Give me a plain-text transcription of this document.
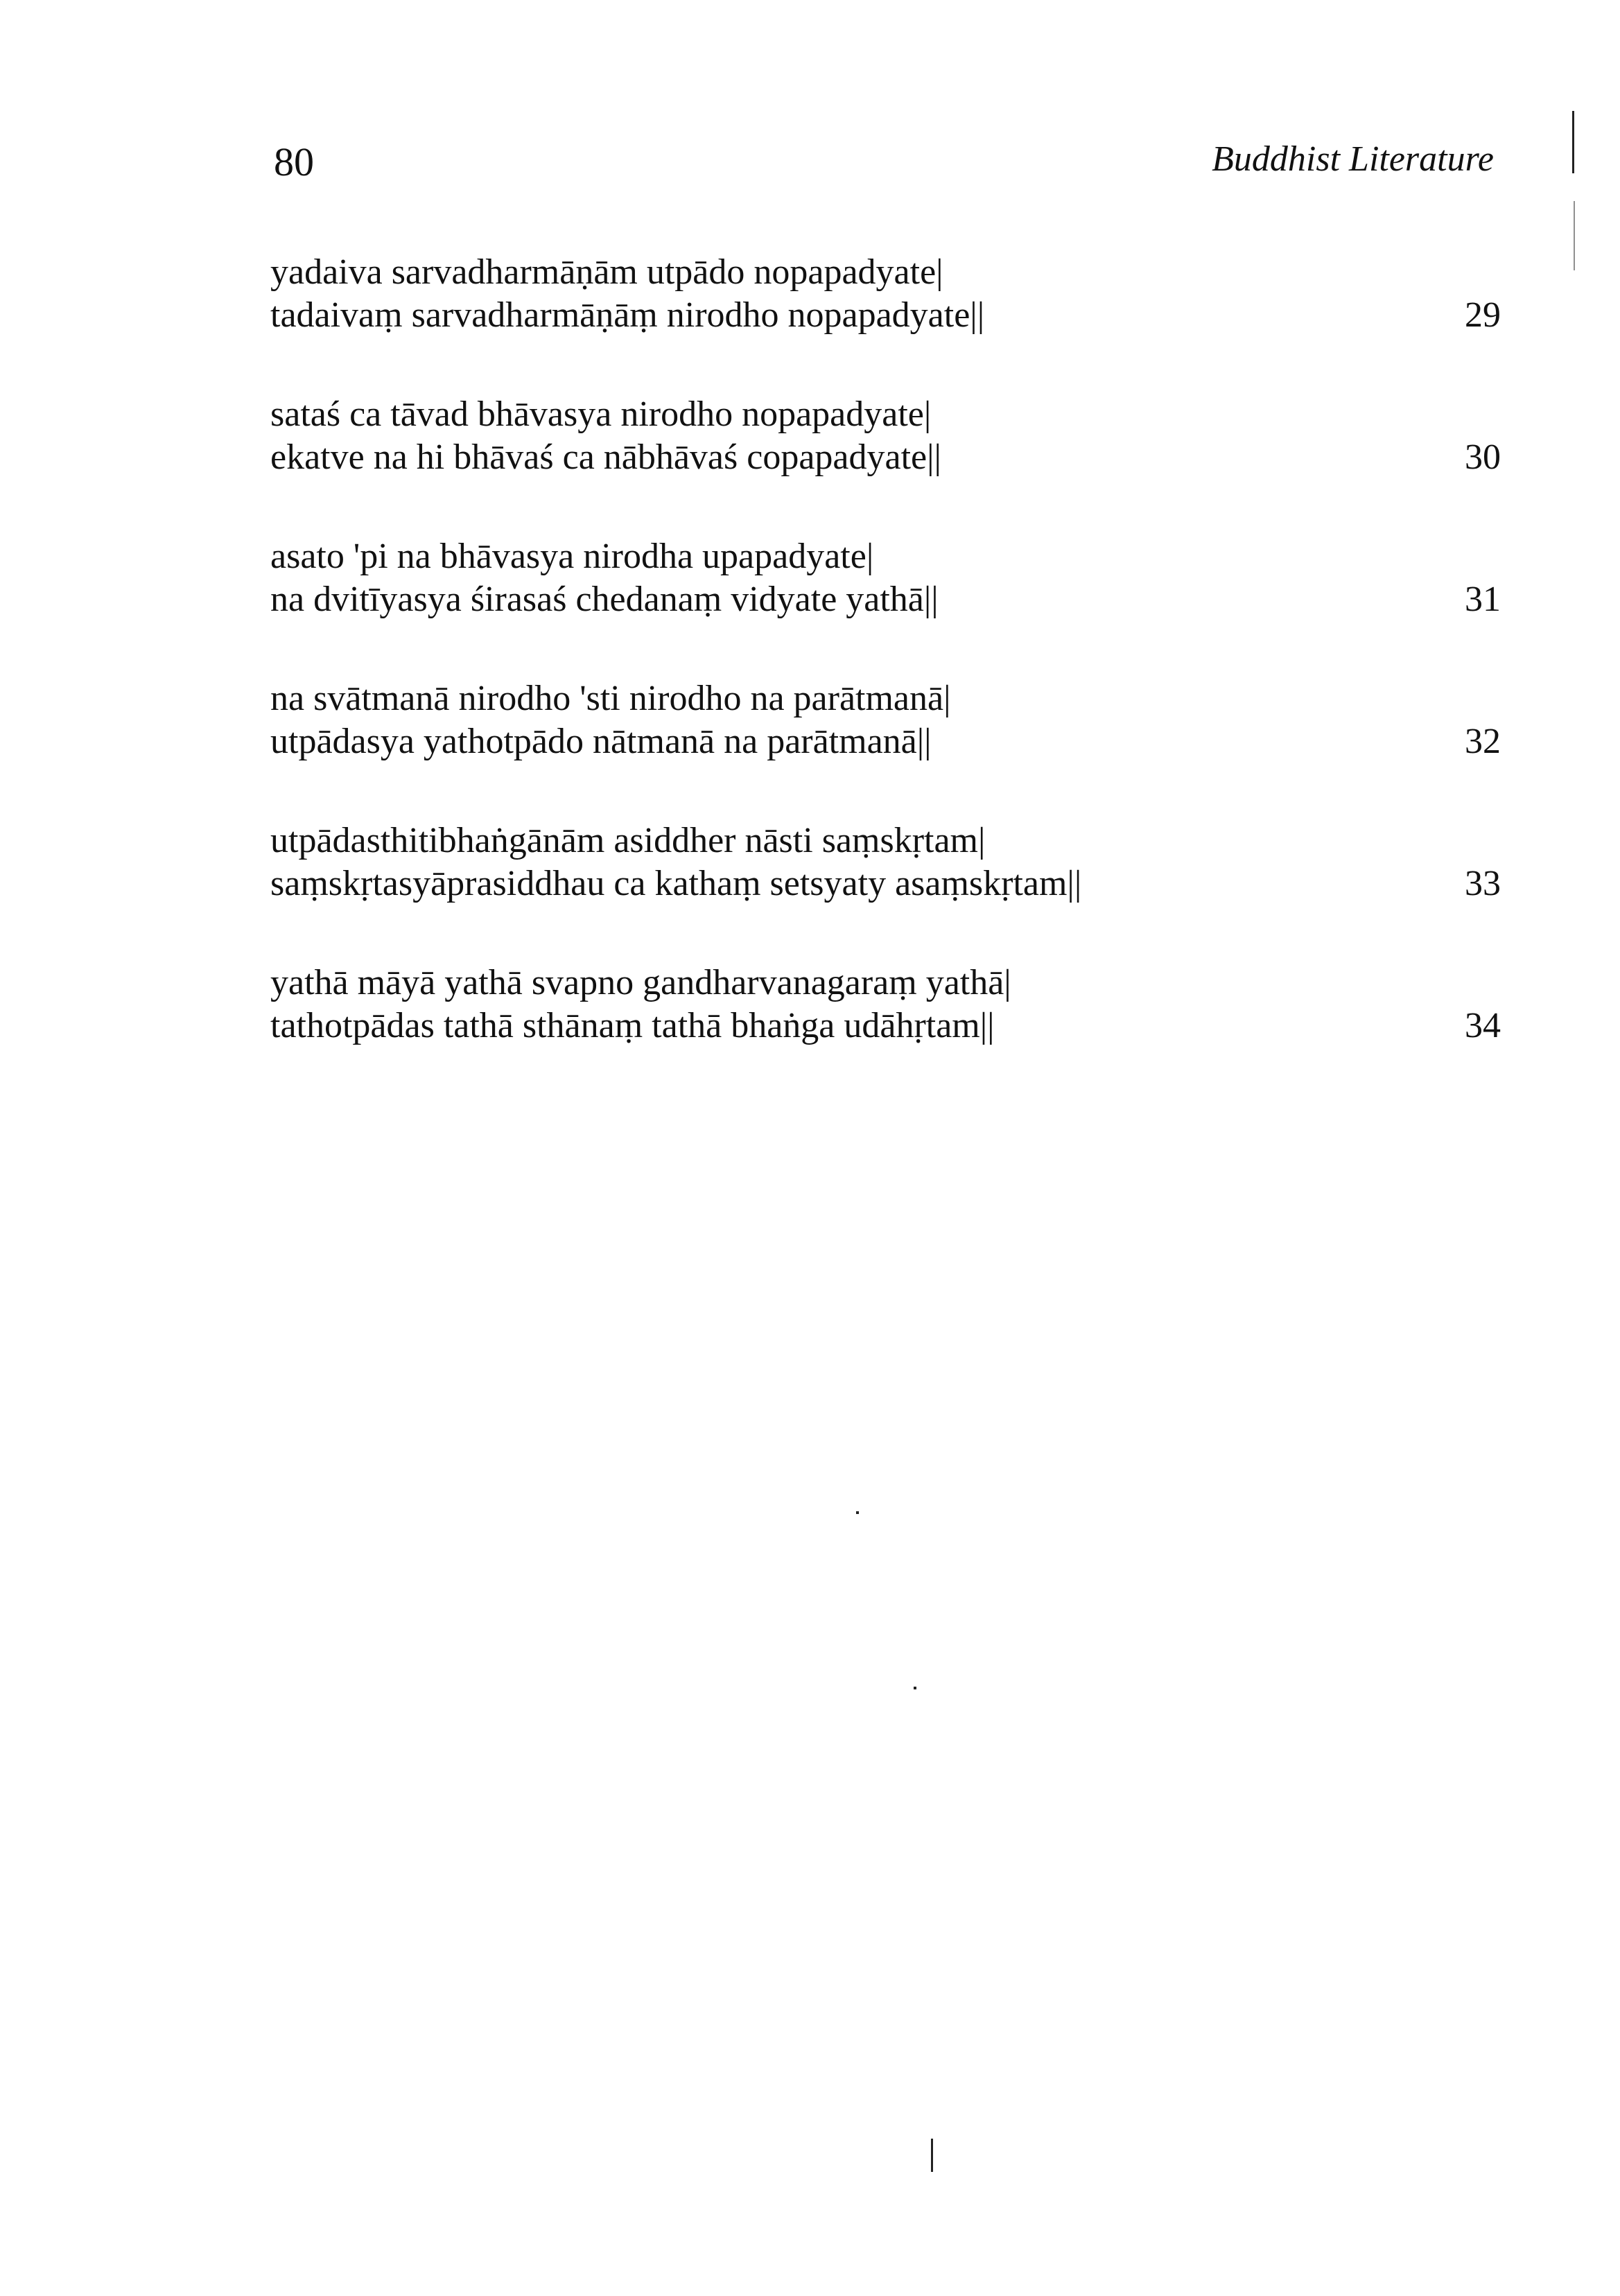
80	Buddhist Literature
yadaiva sarvadharmāṇām utpādo nopapadyate|
tadaivaṃ sarvadharmāṇāṃ nirodho nopapadyate||	29
sataś ca tāvad bhāvasya nirodho nopapadyate|
ekatve na hi bhāvaś ca nābhāvaś copapadyate||	30
asato 'pi na bhāvasya nirodha upapadyate|
na dvitīyasya śirasaś chedanaṃ vidyate yathā||	31
na svātmanā nirodho 'sti nirodho na parātmanā|
utpādasya yathotpādo nātmanā na parātmanā||	32
utpādasthitibhaṅgānām asiddher nāsti saṃskṛtam|
saṃskṛtasyāprasiddhau ca kathaṃ setsyaty asaṃskṛtam||	33
yathā māyā yathā svapno gandharvanagaraṃ yathā|
tathotpādas tathā sthānaṃ tathā bhaṅga udāhṛtam||	34
